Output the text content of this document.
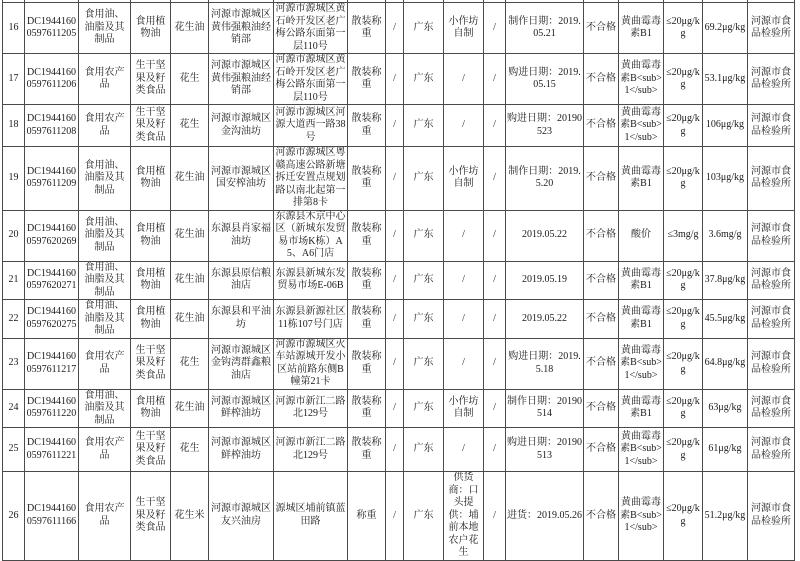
16	DC19441600597611205	食用油、油脂及其制品	食用植物油	花生油	河源市源城区黄伟强粮油经销部	河源市源城区黄石岭开发区老广梅公路东面第一层110号	散装称重	/	广东	小作坊自制	/	制作日期：2019.05.21	不合格	黄曲霉毒素B1	≤20μg/kg	69.2μg/kg	河源市食品检验所
17	DC19441600597611206	食用农产品	生干坚果及籽类食品	花生	河源市源城区黄伟强粮油经销部	河源市源城区黄石岭开发区老广梅公路东面第一层110号	散装称重	/	广东	/	/	购进日期：2019.05.15	不合格	黄曲霉毒素B<sub>1</sub>	≤20μg/kg	53.1μg/kg	河源市食品检验所
18	DC19441600597611208	食用农产品	生干坚果及籽类食品	花生	河源市源城区金沟油坊	河源市源城区河源大道西一路38号	散装称重	/	广东	/	/	购进日期：20190523	不合格	黄曲霉毒素B<sub>1</sub>	≤20μg/kg	106μg/kg	河源市食品检验所
19	DC19441600597611209	食用油、油脂及其制品	食用植物油	花生油	河源市源城区国安榨油坊	河源市源城区粤赣高速公路新塘拆迁安置点规划路以南北起第一排第8卡	散装称重	/	广东	小作坊自制	/	制作日期：2019.5.20	不合格	黄曲霉毒素B1	≤20μg/kg	103μg/kg	河源市食品检验所
20	DC19441600597620269	食用油、油脂及其制品	食用植物油	花生油	东源县肖家福油坊	东源县木京中心区（新城东发贸易市场K栋）A5、A6门店	散装称重	/	广东	/	/	2019.05.22	不合格	酸价	≤3mg/g	3.6mg/g	河源市食品检验所
21	DC19441600597620271	食用油、油脂及其制品	食用植物油	花生油	东源县原信粮油店	东源县新城东发贸易市场E-06B	散装称重	/	广东	/	/	2019.05.19	不合格	黄曲霉毒素B1	≤20μg/kg	37.8μg/kg	河源市食品检验所
22	DC19441600597620275	食用油、油脂及其制品	食用植物油	花生油	东源县和平油坊	东源县新源社区11栋107号门店	散装称重	/	广东	/	/	2019.05.22	不合格	黄曲霉毒素B1	≤20μg/kg	45.5μg/kg	河源市食品检验所
23	DC19441600597611217	食用农产品	生干坚果及籽类食品	花生	河源市源城区金钩湾群鑫粮油店	河源市源城区火车站源城开发小区站前路东侧B幢第21卡	散装称重	/	广东	/	/	购进日期：2019.5.18	不合格	黄曲霉毒素B<sub>1</sub>	≤20μg/kg	64.8μg/kg	河源市食品检验所
24	DC19441600597611220	食用油、油脂及其制品	食用植物油	花生油	河源市源城区鲜榨油坊	河源市新江二路北129号	散装称重	/	广东	小作坊自制	/	制作日期：20190514	不合格	黄曲霉毒素B1	≤20μg/kg	63μg/kg	河源市食品检验所
25	DC19441600597611221	食用农产品	生干坚果及籽类食品	花生	河源市源城区鲜榨油坊	河源市新江二路北129号	散装称重	/	广东	/	/	购进日期：20190513	不合格	黄曲霉毒素B<sub>1</sub>	≤20μg/kg	61μg/kg	河源市食品检验所
26	DC19441600597611166	食用农产品	生干坚果及籽类食品	花生米	河源市源城区友兴油房	源城区埔前镇蓝田路	称重	/	广东	供货商：口头提供：埔前本地农户花生	/	进货：2019.05.26	不合格	黄曲霉毒素B<sub>1</sub>	≤20μg/kg	51.2μg/kg	河源市食品检验所
